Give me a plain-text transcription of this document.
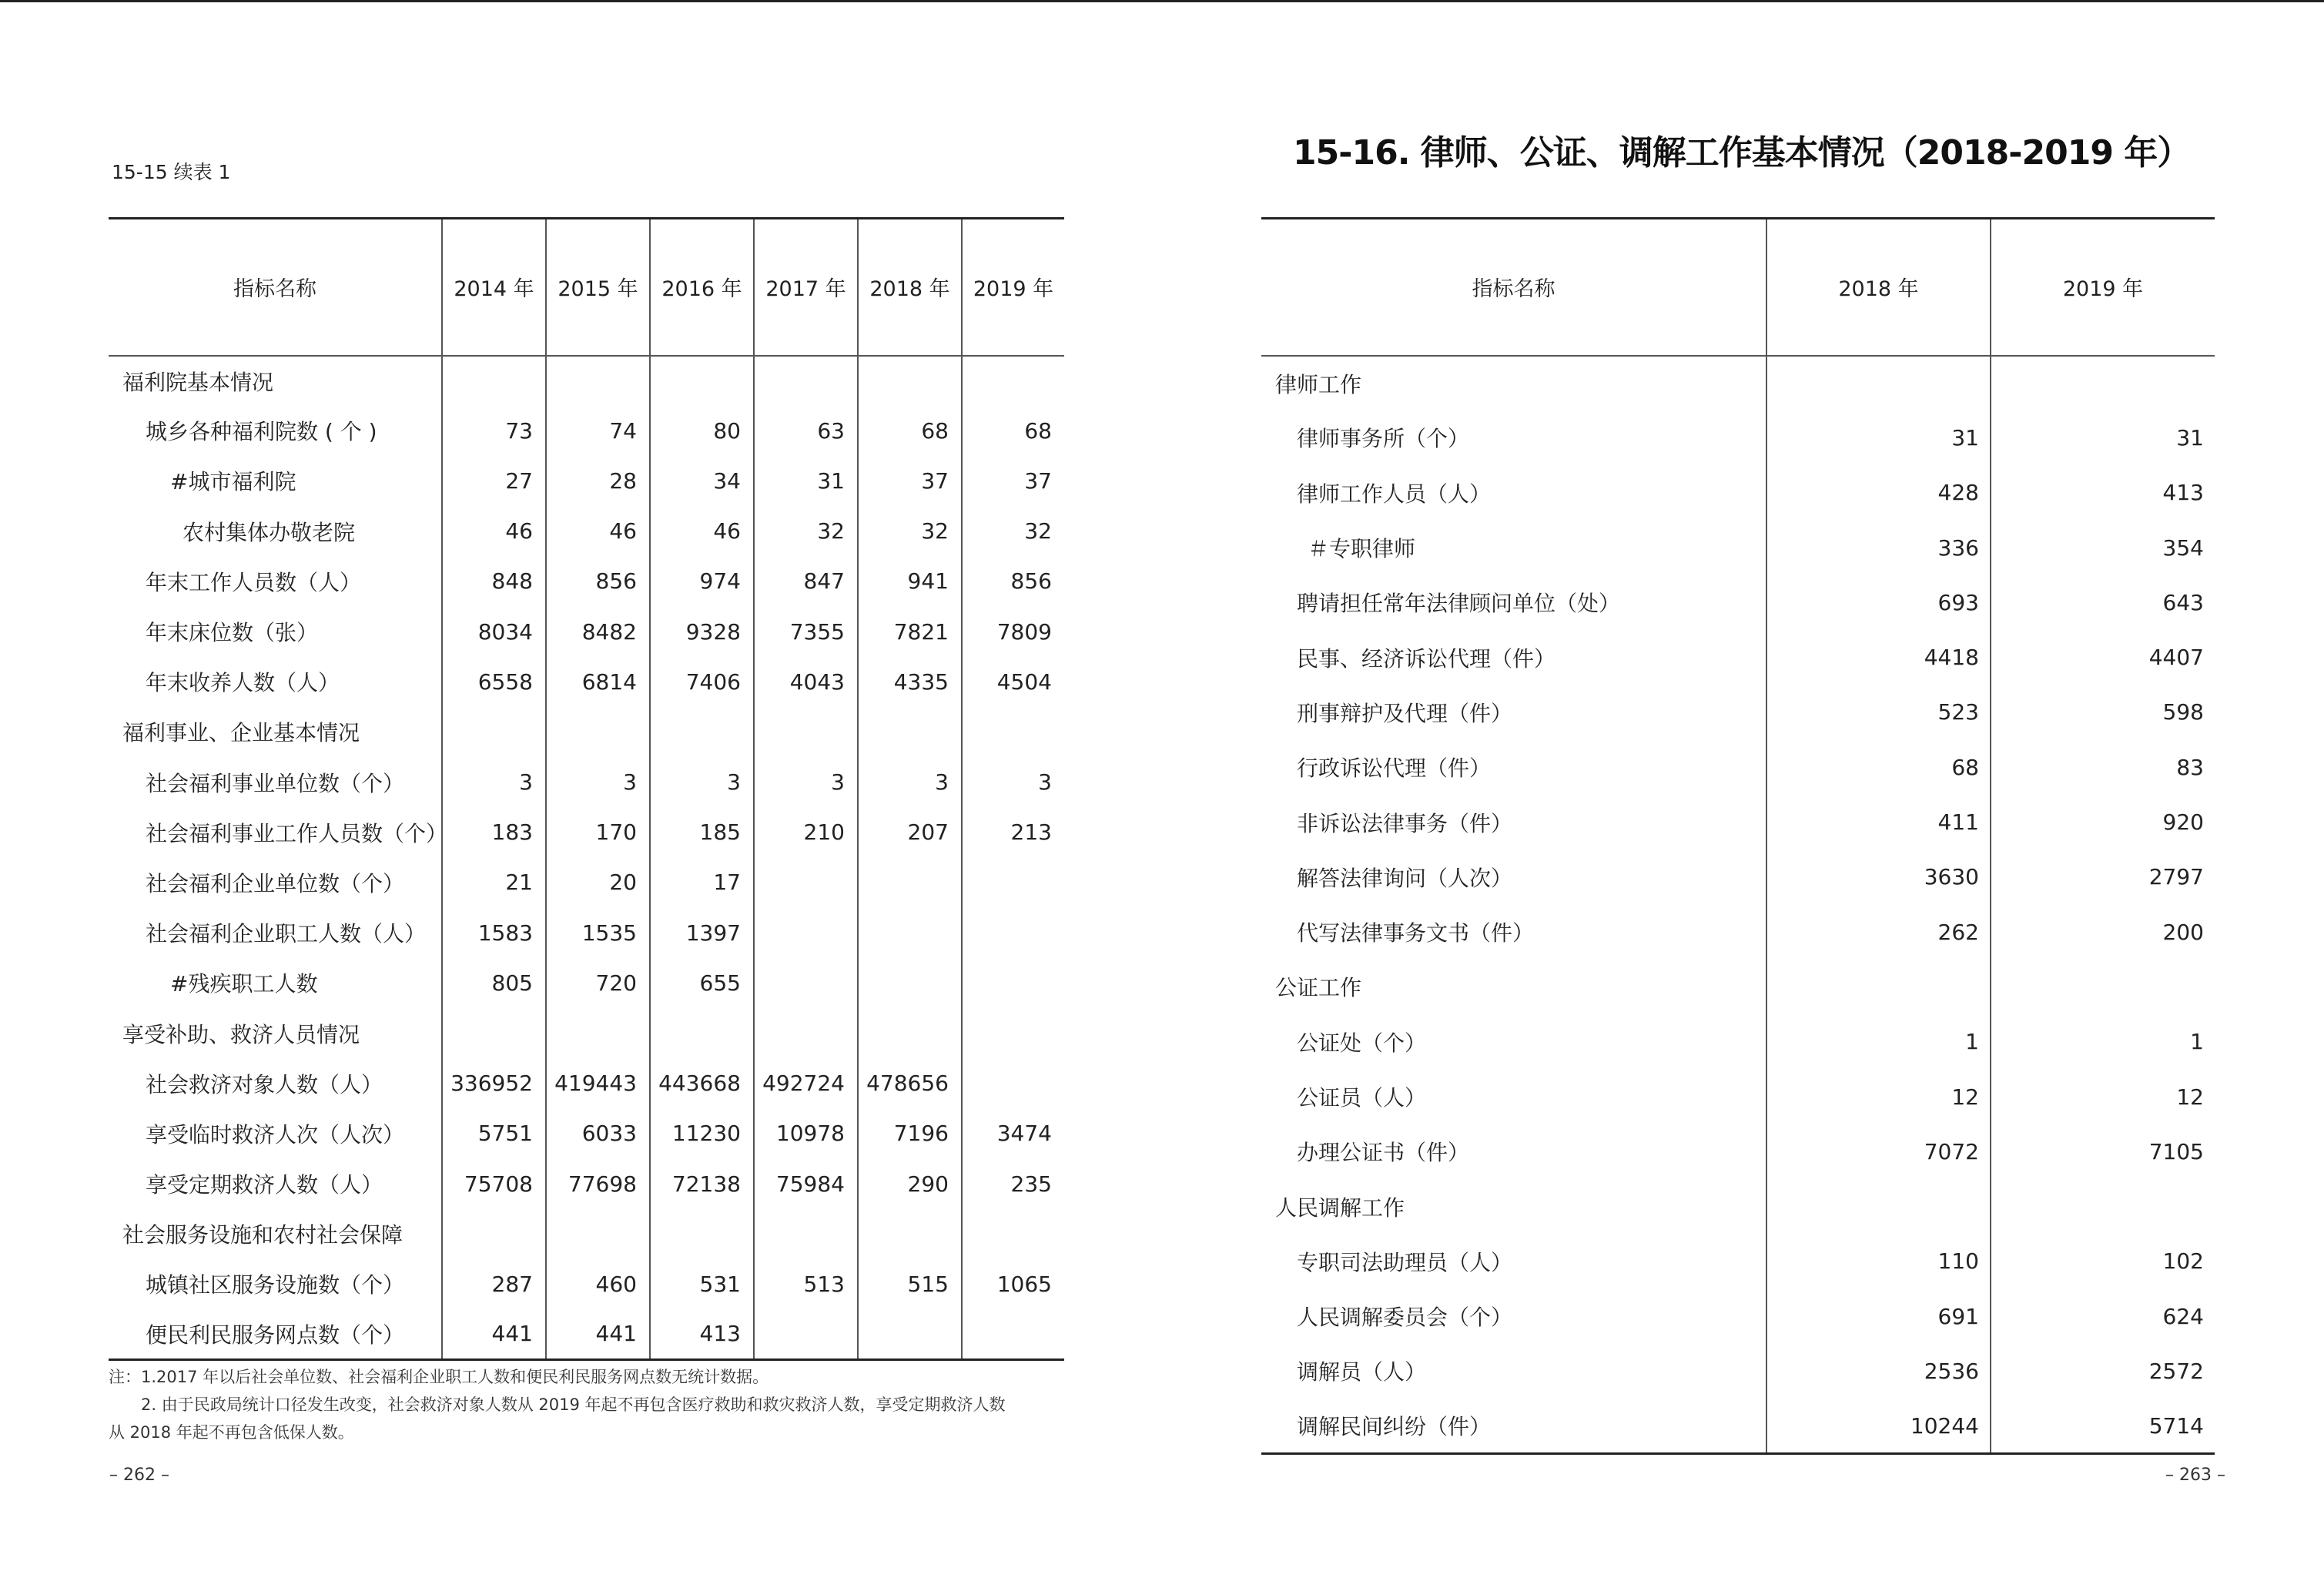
15-15 续表 1
指标名称	2014 年	2015 年	2016 年	2017 年	2018 年	2019 年
福利院基本情况						
城乡各种福利院数 ( 个 )	73	74	80	63	68	68
#城市福利院	27	28	34	31	37	37
农村集体办敬老院	46	46	46	32	32	32
年末工作人员数（人）	848	856	974	847	941	856
年末床位数（张）	8034	8482	9328	7355	7821	7809
年末收养人数（人）	6558	6814	7406	4043	4335	4504
福利事业、企业基本情况						
社会福利事业单位数（个）	3	3	3	3	3	3
社会福利事业工作人员数（个）	183	170	185	210	207	213
社会福利企业单位数（个）	21	20	17			
社会福利企业职工人数（人）	1583	1535	1397			
#残疾职工人数	805	720	655			
享受补助、救济人员情况						
社会救济对象人数（人）	336952	419443	443668	492724	478656	
享受临时救济人次（人次）	5751	6033	11230	10978	7196	3474
享受定期救济人数（人）	75708	77698	72138	75984	290	235
社会服务设施和农村社会保障						
城镇社区服务设施数（个）	287	460	531	513	515	1065
便民利民服务网点数（个）	441	441	413			
注：1.2017 年以后社会单位数、社会福利企业职工人数和便民利民服务网点数无统计数据。
2. 由于民政局统计口径发生改变，社会救济对象人数从 2019 年起不再包含医疗救助和救灾救济人数，享受定期救济人数
从 2018 年起不再包含低保人数。
– 262 –
15-16. 律师、公证、调解工作基本情况（2018-2019 年）
指标名称	2018 年	2019 年
律师工作		
律师事务所（个）	31	31
律师工作人员（人）	428	413
＃专职律师	336	354
聘请担任常年法律顾问单位（处）	693	643
民事、经济诉讼代理（件）	4418	4407
刑事辩护及代理（件）	523	598
行政诉讼代理（件）	68	83
非诉讼法律事务（件）	411	920
解答法律询问（人次）	3630	2797
代写法律事务文书（件）	262	200
公证工作		
公证处（个）	1	1
公证员（人）	12	12
办理公证书（件）	7072	7105
人民调解工作		
专职司法助理员（人）	110	102
人民调解委员会（个）	691	624
调解员（人）	2536	2572
调解民间纠纷（件）	10244	5714
– 263 –
